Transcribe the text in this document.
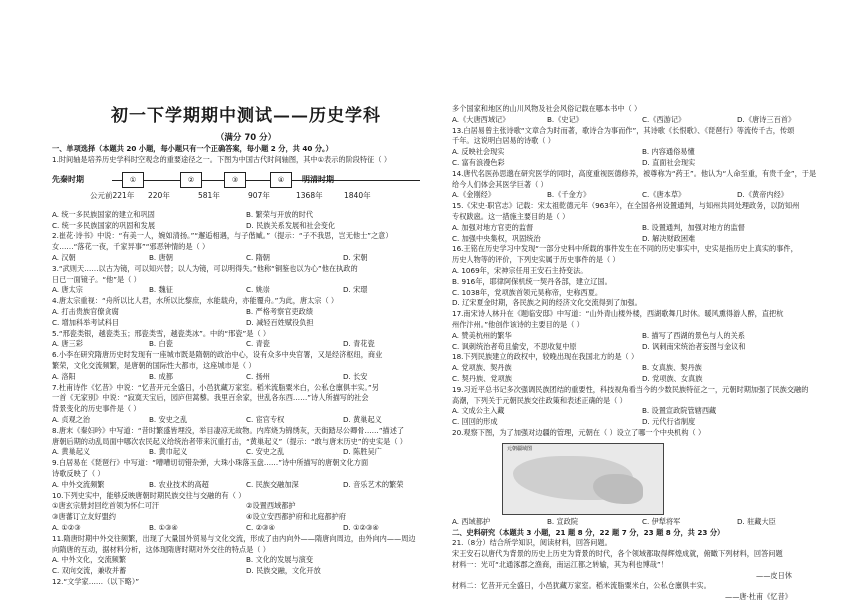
初一下学期期中测试——历史学科
（满分 70 分）
一、单项选择（本题共 20 小题，每小题只有一个正确答案，每小题 2 分，共 40 分。）
1.时间轴是培养历史学科时空观念的重要途径之一。下图为中国古代时间轴图，其中①表示的阶段特征（ ）
先秦时期	明清时期
①	②	③	④
公元前221年 220年	581年	907年	1368年	1840年
A. 统一多民族国家的建立和巩固	B. 繁荣与开放的时代
C. 统一多民族国家的巩固和发展	D. 民族关系发展和社会变化
2.崔花·诗书》中说：“有美一人，婉如清扬。”“邂逅相遇，与子偕臧。”（提示：“子不我思，岂无他士”之意）
女……“落花一夜，千家异事”“邪恶钟情的是（ ）
A. 汉朝	B. 唐朝	C. 隋朝	D. 宋朝
3.“武则天……以古为镜，可以知兴替；以人为镜，可以明得失。”他称“铜鉴也以为心”他在执政的
日已一面镜子。“他”是（ ）
A. 唐太宗	B. 魏征	C. 姚崇	D. 宋璟
4.唐太宗重视：“舟所以比人君，水所以比黎庶，水能载舟，亦能覆舟。”为此，唐太宗（ ）
A. 打击贵族官僚贪腐	B. 严格考察官吏政绩
C. 增加科举考试科目	D. 减轻百姓赋役负担
5.“邢瓷类银，越瓷类玉；邢瓷类雪，越瓷类冰”。中的“邢瓷”是（ ）
A. 唐三彩	B. 白瓷	C. 青瓷	D. 青花瓷
6.小李在研究隋唐历史时发现有一座城市既是隋朝的政治中心，设有众多中央官署，又是经济枢纽，商业
繁荣，文化交流频繁，是唐朝的国际性大都市，这座城市是（ ）
A. 洛阳	B. 成都	C. 扬州	D. 长安
7.杜甫诗作《忆昔》中说：“忆昔开元全盛日，小邑犹藏万家室。稻米流脂粟米白，公私仓廪俱丰实。”另
一首《无家别》中说：“寂寞天宝后，园庐但蒿藜。我里百余家，世乱各东西……”诗人所描写的社会
背景变化的历史事件是（ ）
A. 贞观之治	B. 安史之乱	C. 宦官专权	D. 黄巢起义
8.唐末《秦妇吟》中写道：“昔时繁盛皆埋没，举目凄凉无故物。内库烧为锦绣灰，天街踏尽公卿骨……”描述了
唐朝后期的动乱局面中哪次农民起义给统治者带来沉重打击，“黄巢起义”（提示：“敢与唐末历史”的史实是（ ）
A. 黄巢起义	B. 黄巾起义	C. 安史之乱	D. 陈胜吴广
9.白居易在《琵琶行》中写道：“嘈嘈切切错杂弹，大珠小珠落玉盘……”诗中所描写的唐朝文化方面
诗歌反映了（ ）
A. 中外交流频繁	B. 农业技术的高超	C. 民族交融加深	D. 音乐艺术的繁荣
10.下列史实中，能够反映唐朝时期民族交往与交融的有（ ）
①唐玄宗册封回纥首领为怀仁可汗	②设置西域都护
③唐蕃订立友好盟约	④设立安西都护府和北庭都护府
A. ①②③	B. ①③④	C. ②③④	D. ①②③④
11.隋唐时期中外交往频繁，出现了大量国外贸易与文化交流，形成了由内向外——隋唐向周边，由外向内——周边
向隋唐的互动，据材料分析，这体现隋唐时期对外交往的特点是（ ）
A. 中外文化，交流频繁	B. 文化的发展与演变
C. 双向交流，兼收并蓄	D. 民族交融，文化开放
12.“文学家……（以下略）”
多个国家和地区的山川风物及社会风俗记载在哪本书中（ ）
A.《大唐西域记》	B.《史记》	C.《西游记》	D.《唐诗三百首》
13.白居易曾主张诗歌“文章合为时而著，歌诗合为事而作”，其诗歌《长恨歌》、《琵琶行》等流传千古，传颂
千年。这说明白居易的诗歌（ ）
A. 反映社会现实	B. 内容通俗易懂
C. 富有浪漫色彩	D. 直面社会现实
14.唐代名医孙思邈在研究医学的同时，高度重视医德修养，被尊称为“药王”。他认为“人命至重，有贵千金”，于是
给今人们体会其医学巨著（ ）
A.《金刚经》	B.《千金方》	C.《唐本草》	D.《黄帝内经》
15.《宋史·职官志》记载：宋太祖乾德元年（963年），在全国各州设置通判，与知州共同处理政务，以防知州
专权跋扈。这一措施主要目的是（ ）
A. 加强对地方官吏的监督	B. 设置通判，加强对地方的监督
C. 加强中央集权，巩固统治	D. 解决财政困难
16.王铭在历史学习中发现“一部分史料中所载的事件发生在不同的历史事实中，史实是指历史上真实的事件，
历史人物等的评价，下列史实属于历史事件的是（ ）
A. 1069年，宋神宗任用王安石主持变法。
B. 916年，耶律阿保机统一契丹各部，建立辽国。
C. 1038年，党项族首领元昊称帝，史称西夏。
D. 辽宋夏金时期，各民族之间的经济文化交流得到了加强。
17.南宋诗人林升在《题临安邸》中写道：“山外青山楼外楼，西湖歌舞几时休。暖风熏得游人醉，直把杭
州作汴州。”他创作该诗的主要目的是（ ）
A. 赞美杭州的繁华	B. 描写了西湖的景色与人的关系
C. 讽刺统治者苟且偷安，不思收复中原	D. 讽刺南宋统治者妄图与金议和
18.下列民族建立的政权中，较晚出现在我国北方的是（ ）
A. 党项族、契丹族	B. 女真族、契丹族
C. 契丹族、党项族	D. 党项族、女真族
19.习近平总书记多次强调民族团结的重要性，科技视角看当今的少数民族特征之一，元朝时期加强了民族交融的
高潮，下列关于元朝民族交往政策和表述正确的是（ ）
A. 文成公主入藏	B. 设置宣政院管辖西藏
C. 回回的形成	D. 元代行省制度
20.观察下图，为了加强对边疆的管理，元朝在（ ）设立了哪一个中央机构（ ）
元朝疆域图
A. 西域都护	B. 宣政院	C. 伊犁将军	D. 驻藏大臣
二、史料研究（本题共 3 小题，21 题 8 分，22 题 7 分，23 题 8 分，共 23 分）
21.（8分）结合所学知识，阅读材料，回答问题。
宋王安石以唐代为背景的历史上历史为背景的时代，各个领域都取得辉煌成就，俯瞰下列材料，回答问题
材料一：光可“北通涿郡之渔商，南运江都之转输，其为利也博哉”！
——皮日休
材料二：忆昔开元全盛日，小邑犹藏万家室。稻米流脂粟米白，公私仓廪俱丰实。
——唐·杜甫《忆昔》
